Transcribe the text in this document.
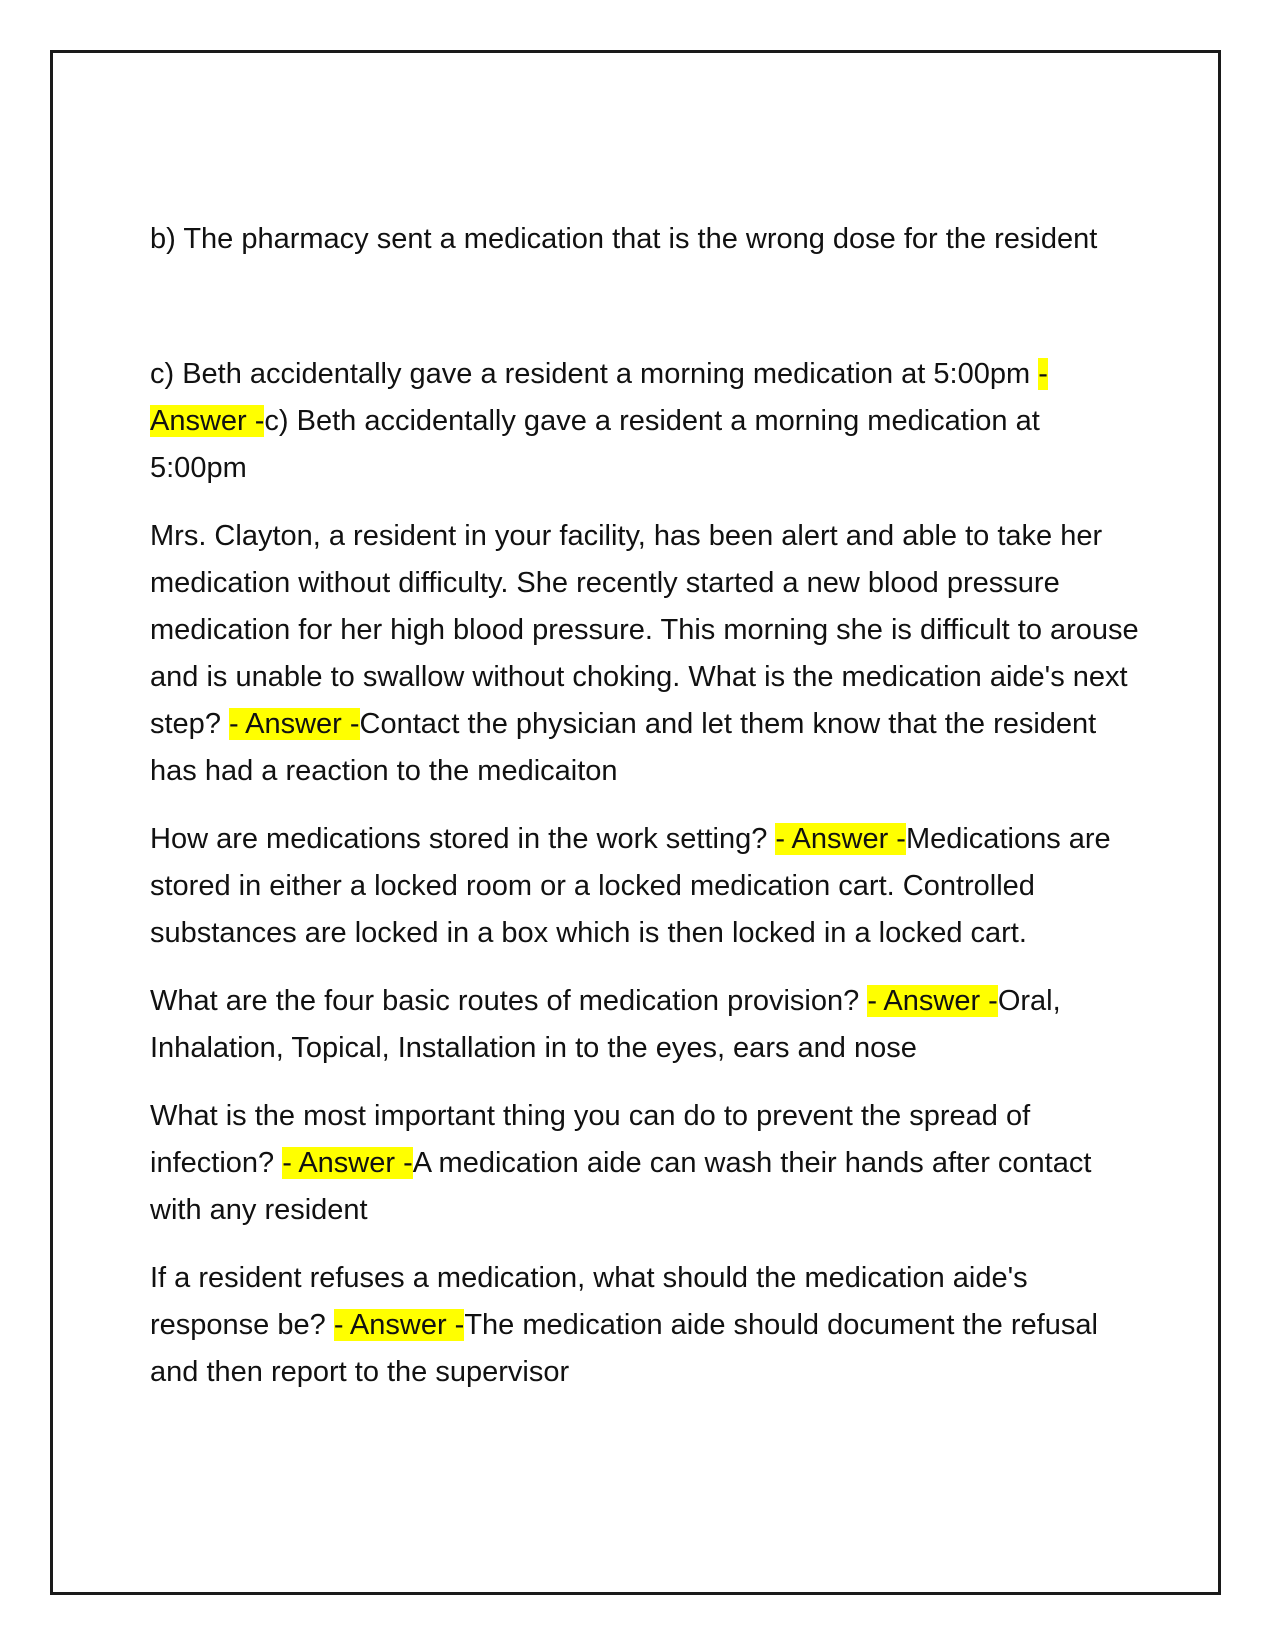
b) The pharmacy sent a medication that is the wrong dose for the resident

c) Beth accidentally gave a resident a morning medication at 5:00pm - Answer -c) Beth accidentally gave a resident a morning medication at 5:00pm

Mrs. Clayton, a resident in your facility, has been alert and able to take her medication without difficulty. She recently started a new blood pressure medication for her high blood pressure. This morning she is difficult to arouse and is unable to swallow without choking. What is the medication aide's next step? - Answer -Contact the physician and let them know that the resident has had a reaction to the medicaiton

How are medications stored in the work setting? - Answer -Medications are stored in either a locked room or a locked medication cart. Controlled substances are locked in a box which is then locked in a locked cart.

What are the four basic routes of medication provision? - Answer -Oral, Inhalation, Topical, Installation in to the eyes, ears and nose

What is the most important thing you can do to prevent the spread of infection? - Answer -A medication aide can wash their hands after contact with any resident

If a resident refuses a medication, what should the medication aide's response be? - Answer -The medication aide should document the refusal and then report to the supervisor
